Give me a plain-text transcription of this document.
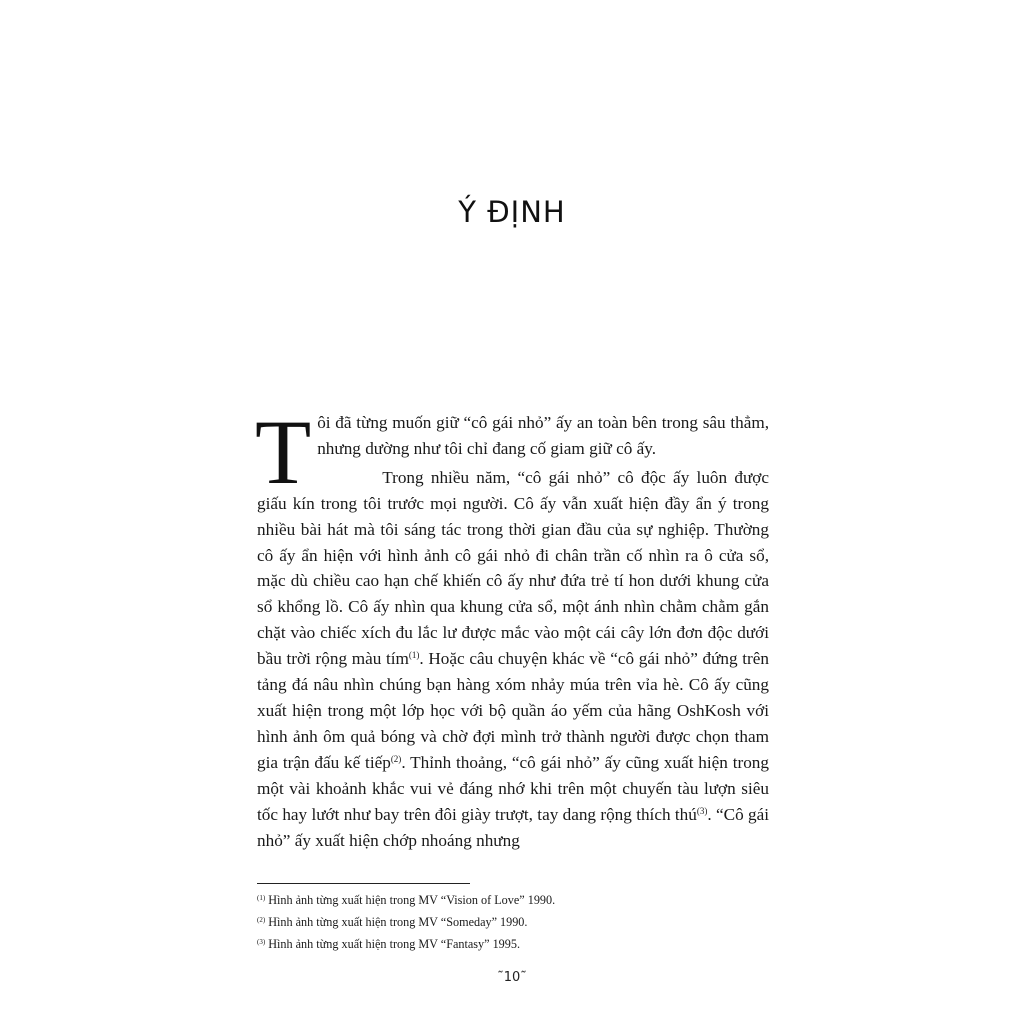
Ý ĐỊNH

Tôi đã từng muốn giữ “cô gái nhỏ” ấy an toàn bên trong sâu thẳm, nhưng dường như tôi chỉ đang cố giam giữ cô ấy.

Trong nhiều năm, “cô gái nhỏ” cô độc ấy luôn được giấu kín trong tôi trước mọi người. Cô ấy vẫn xuất hiện đầy ẩn ý trong nhiều bài hát mà tôi sáng tác trong thời gian đầu của sự nghiệp. Thường cô ấy ẩn hiện với hình ảnh cô gái nhỏ đi chân trần cố nhìn ra ô cửa sổ, mặc dù chiều cao hạn chế khiến cô ấy như đứa trẻ tí hon dưới khung cửa sổ khổng lồ. Cô ấy nhìn qua khung cửa sổ, một ánh nhìn chằm chằm gắn chặt vào chiếc xích đu lắc lư được mắc vào một cái cây lớn đơn độc dưới bầu trời rộng màu tím$^{(1)}$. Hoặc câu chuyện khác về “cô gái nhỏ” đứng trên tảng đá nâu nhìn chúng bạn hàng xóm nhảy múa trên vỉa hè. Cô ấy cũng xuất hiện trong một lớp học với bộ quần áo yếm của hãng OshKosh với hình ảnh ôm quả bóng và chờ đợi mình trở thành người được chọn tham gia trận đấu kế tiếp$^{(2)}$. Thỉnh thoảng, “cô gái nhỏ” ấy cũng xuất hiện trong một vài khoảnh khắc vui vẻ đáng nhớ khi trên một chuyến tàu lượn siêu tốc hay lướt như bay trên đôi giày trượt, tay dang rộng thích thú$^{(3)}$. “Cô gái nhỏ” ấy xuất hiện chớp nhoáng nhưng

$^{(1)}$ Hình ảnh từng xuất hiện trong MV “Vision of Love” 1990.
$^{(2)}$ Hình ảnh từng xuất hiện trong MV “Someday” 1990.
$^{(3)}$ Hình ảnh từng xuất hiện trong MV “Fantasy” 1995.
˜10˜
